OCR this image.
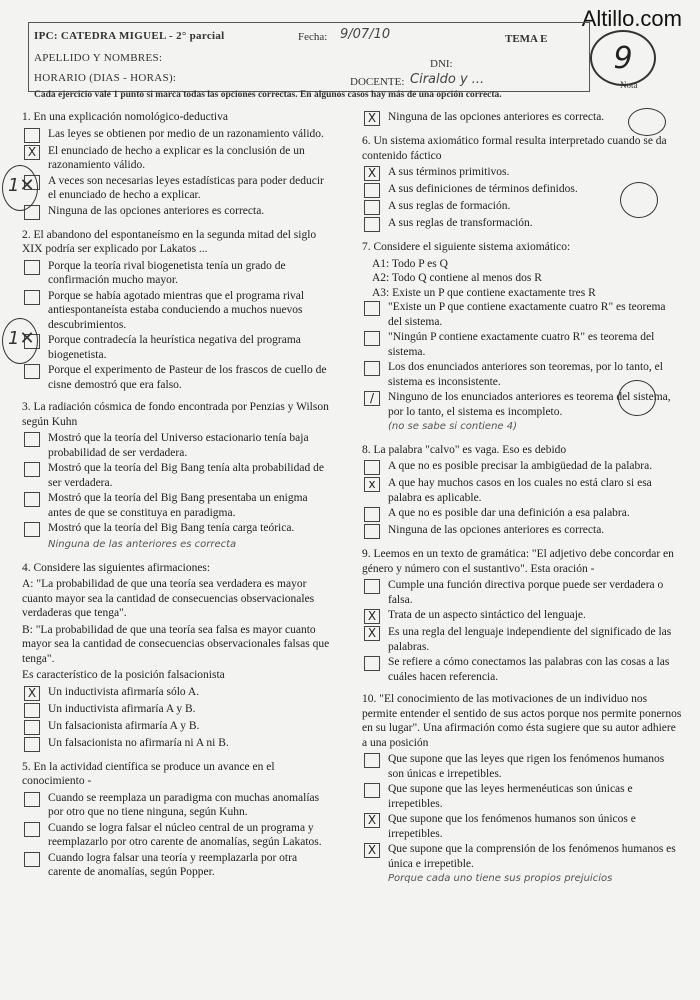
Altillo.com
IPC: CATEDRA MIGUEL - 2° parcial	Fecha: 9/07/10	TEMA E
APELLIDO Y NOMBRES:	DNI:
HORARIO (DIAS - HORAS):	DOCENTE: Ciraldo y ...
9
Nota
Cada ejercicio vale 1 punto si marca todas las opciones correctas. En algunos casos hay más de una opción correcta.
1. En una explicación nomológico-deductiva
Las leyes se obtienen por medio de un razonamiento válido.
X	El enunciado de hecho a explicar es la conclusión de un razonamiento válido.
A veces son necesarias leyes estadísticas para poder deducir el enunciado de hecho a explicar.
Ninguna de las opciones anteriores es correcta.
2. El abandono del espontaneísmo en la segunda mitad del siglo XIX podría ser explicado por Lakatos ...
Porque la teoría rival biogenetista tenía un grado de confirmación mucho mayor.
Porque se había agotado mientras que el programa rival antiespontaneísta estaba conduciendo a muchos nuevos descubrimientos.
Porque contradecía la heurística negativa del programa biogenetista.
Porque el experimento de Pasteur de los frascos de cuello de cisne demostró que era falso.
3. La radiación cósmica de fondo encontrada por Penzias y Wilson según Kuhn
Mostró que la teoría del Universo estacionario tenía baja probabilidad de ser verdadera.
Mostró que la teoría del Big Bang tenía alta probabilidad de ser verdadera.
Mostró que la teoría del Big Bang presentaba un enigma antes de que se constituya en paradigma.
Mostró que la teoría del Big Bang tenía carga teórica.
Ninguna de las anteriores es correcta
4. Considere las siguientes afirmaciones:
A: "La probabilidad de que una teoría sea verdadera es mayor cuanto mayor sea la cantidad de consecuencias observacionales verdaderas que tenga".
B: "La probabilidad de que una teoría sea falsa es mayor cuanto mayor sea la cantidad de consecuencias observacionales falsas que tenga".
Es característico de la posición falsacionista
X	Un inductivista afirmaría sólo A.
Un inductivista afirmaría A y B.
Un falsacionista afirmaría A y B.
Un falsacionista no afirmaría ni A ni B.
5. En la actividad científica se produce un avance en el conocimiento -
Cuando se reemplaza un paradigma con muchas anomalías por otro que no tiene ninguna, según Kuhn.
Cuando se logra falsar el núcleo central de un programa y reemplazarlo por otro carente de anomalías, según Lakatos.
Cuando logra falsar una teoría y reemplazarla por otra carente de anomalías, según Popper.
X	Ninguna de las opciones anteriores es correcta.
6. Un sistema axiomático formal resulta interpretado cuando se da contenido fáctico
X	A sus términos primitivos.
A sus definiciones de términos definidos.
A sus reglas de formación.
A sus reglas de transformación.
7. Considere el siguiente sistema axiomático:
A1: Todo P es Q
A2: Todo Q contiene al menos dos R
A3: Existe un P que contiene exactamente tres R
"Existe un P que contiene exactamente cuatro R" es teorema del sistema.
"Ningún P contiene exactamente cuatro R" es teorema del sistema.
Los dos enunciados anteriores son teoremas, por lo tanto, el sistema es inconsistente.
/	Ninguno de los enunciados anteriores es teorema del sistema, por lo tanto, el sistema es incompleto.
(no se sabe si contiene 4)
8. La palabra "calvo" es vaga. Eso es debido
A que no es posible precisar la ambigüedad de la palabra.
x	A que hay muchos casos en los cuales no está claro si esa palabra es aplicable.
A que no es posible dar una definición a esa palabra.
Ninguna de las opciones anteriores es correcta.
9. Leemos en un texto de gramática: "El adjetivo debe concordar en género y número con el sustantivo". Esta oración -
Cumple una función directiva porque puede ser verdadera o falsa.
X	Trata de un aspecto sintáctico del lenguaje.
X	Es una regla del lenguaje independiente del significado de las palabras.
Se refiere a cómo conectamos las palabras con las cosas a las cuáles hacen referencia.
10. "El conocimiento de las motivaciones de un individuo nos permite entender el sentido de sus actos porque nos permite ponernos en su lugar". Una afirmación como ésta sugiere que su autor adhiere a una posición
Que supone que las leyes que rigen los fenómenos humanos son únicas e irrepetibles.
Que supone que las leyes hermenéuticas son únicas e irrepetibles.
X	Que supone que los fenómenos humanos son únicos e irrepetibles.
X	Que supone que la comprensión de los fenómenos humanos es única e irrepetible.
Porque cada uno tiene sus propios prejuicios
1✕
1✕
